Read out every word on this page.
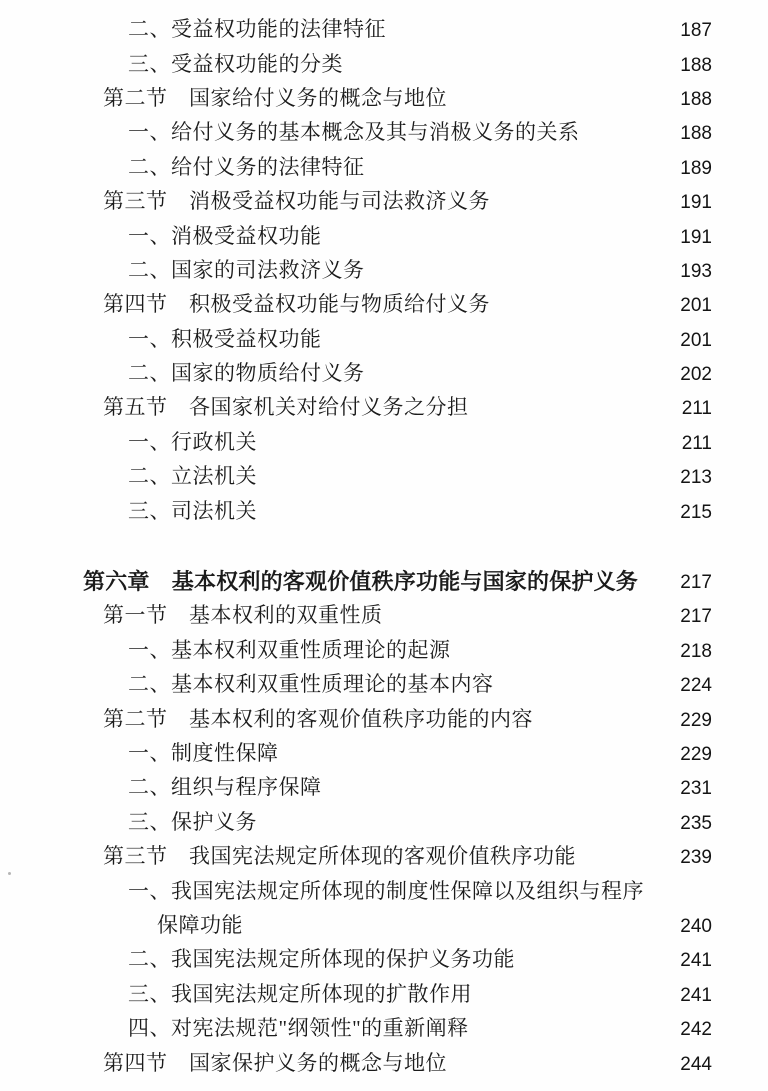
二、受益权功能的法律特征	187
三、受益权功能的分类	188
第二节　国家给付义务的概念与地位	188
一、给付义务的基本概念及其与消极义务的关系	188
二、给付义务的法律特征	189
第三节　消极受益权功能与司法救济义务	191
一、消极受益权功能	191
二、国家的司法救济义务	193
第四节　积极受益权功能与物质给付义务	201
一、积极受益权功能	201
二、国家的物质给付义务	202
第五节　各国家机关对给付义务之分担	211
一、行政机关	211
二、立法机关	213
三、司法机关	215
第六章　基本权利的客观价值秩序功能与国家的保护义务	217
第一节　基本权利的双重性质	217
一、基本权利双重性质理论的起源	218
二、基本权利双重性质理论的基本内容	224
第二节　基本权利的客观价值秩序功能的内容	229
一、制度性保障	229
二、组织与程序保障	231
三、保护义务	235
第三节　我国宪法规定所体现的客观价值秩序功能	239
一、我国宪法规定所体现的制度性保障以及组织与程序
保障功能	240
二、我国宪法规定所体现的保护义务功能	241
三、我国宪法规定所体现的扩散作用	241
四、对宪法规范"纲领性"的重新阐释	242
第四节　国家保护义务的概念与地位	244
